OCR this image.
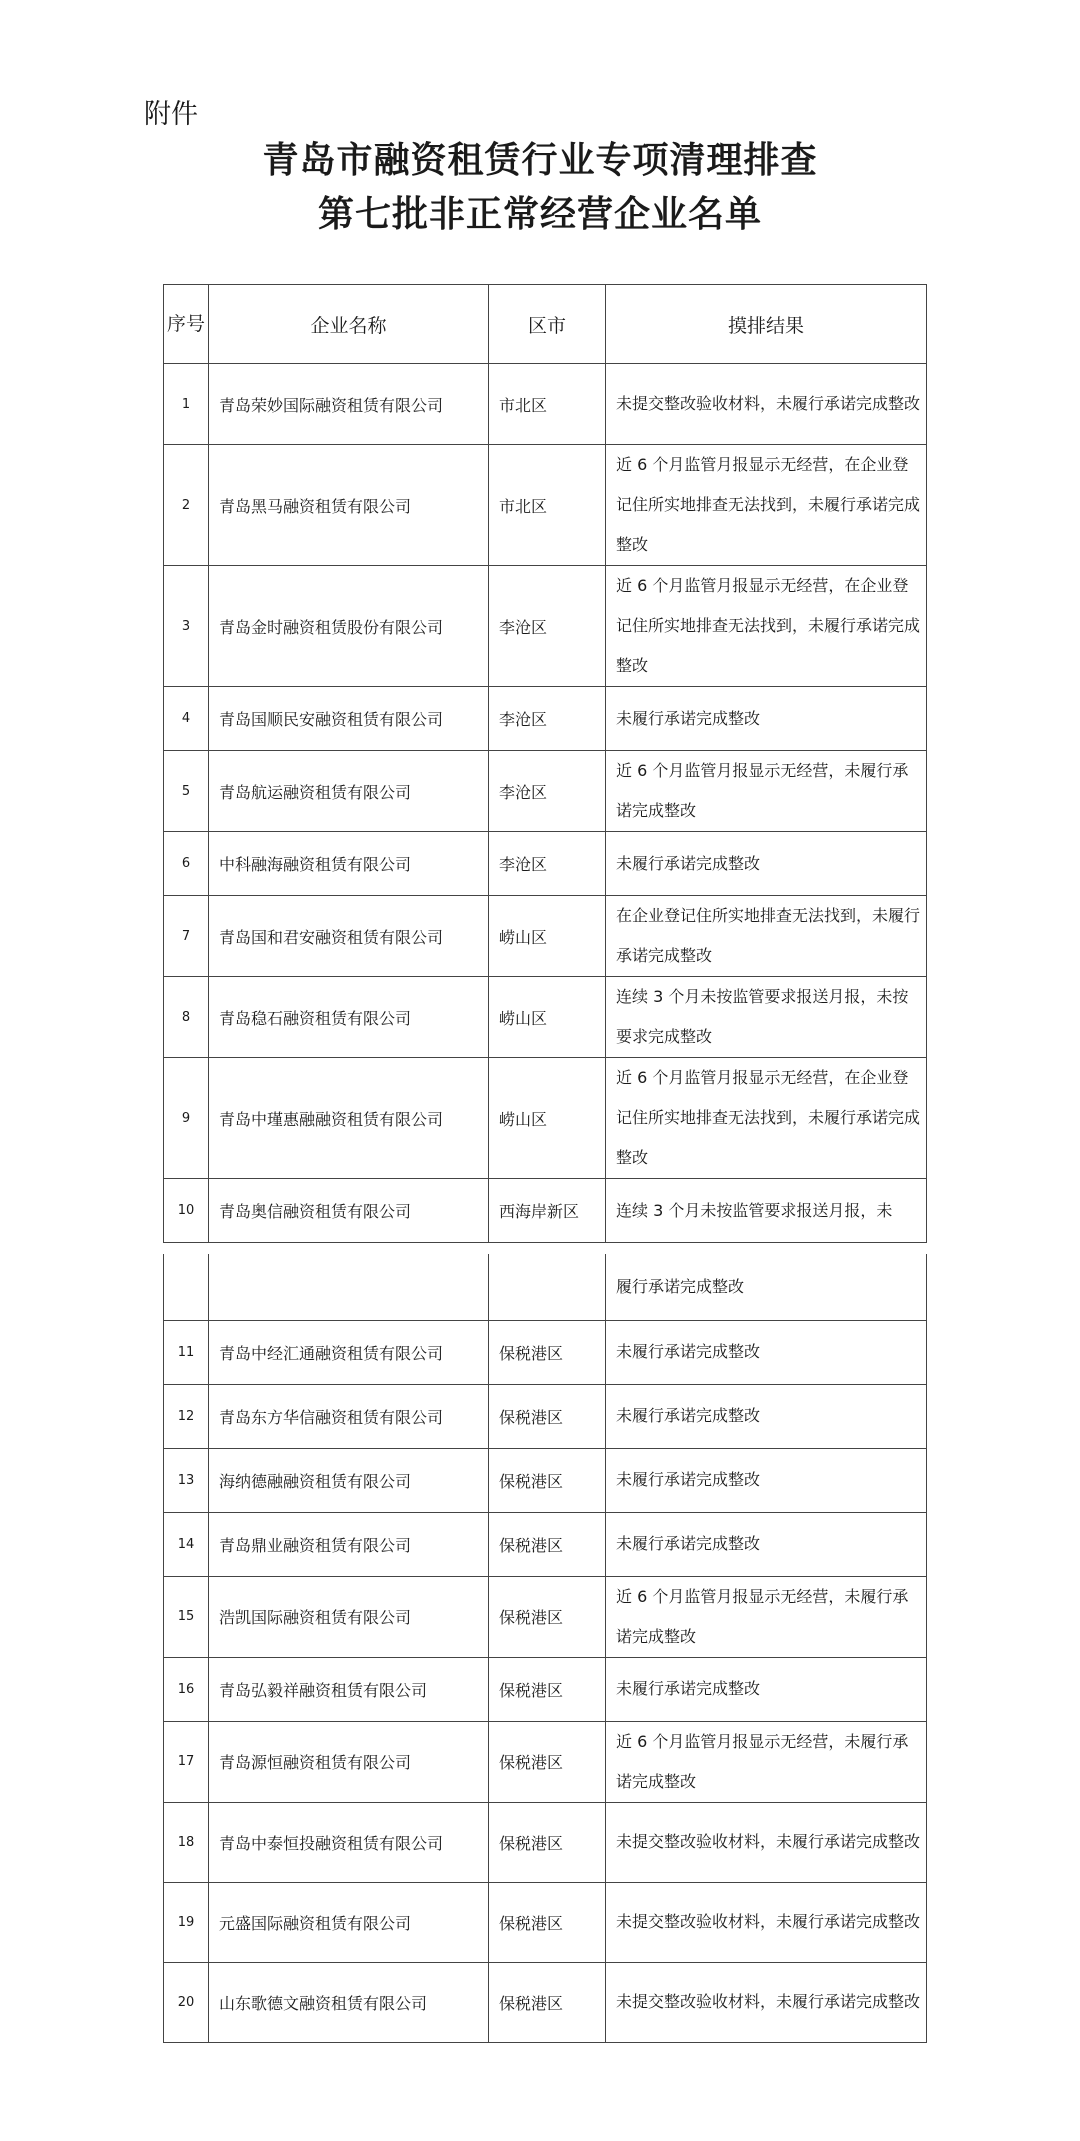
附件
青岛市融资租赁行业专项清理排查
第七批非正常经营企业名单
序号	企业名称	区市	摸排结果
1	青岛荣妙国际融资租赁有限公司	市北区	未提交整改验收材料，未履行承诺完成整改
2	青岛黑马融资租赁有限公司	市北区	近 6 个月监管月报显示无经营，在企业登记住所实地排查无法找到，未履行承诺完成整改
3	青岛金时融资租赁股份有限公司	李沧区	近 6 个月监管月报显示无经营，在企业登记住所实地排查无法找到，未履行承诺完成整改
4	青岛国顺民安融资租赁有限公司	李沧区	未履行承诺完成整改
5	青岛航运融资租赁有限公司	李沧区	近 6 个月监管月报显示无经营，未履行承诺完成整改
6	中科融海融资租赁有限公司	李沧区	未履行承诺完成整改
7	青岛国和君安融资租赁有限公司	崂山区	在企业登记住所实地排查无法找到，未履行承诺完成整改
8	青岛稳石融资租赁有限公司	崂山区	连续 3 个月未按监管要求报送月报，未按要求完成整改
9	青岛中瑾惠融融资租赁有限公司	崂山区	近 6 个月监管月报显示无经营，在企业登记住所实地排查无法找到，未履行承诺完成整改
10	青岛奥信融资租赁有限公司	西海岸新区	连续 3 个月未按监管要求报送月报，未
			履行承诺完成整改
11	青岛中经汇通融资租赁有限公司	保税港区	未履行承诺完成整改
12	青岛东方华信融资租赁有限公司	保税港区	未履行承诺完成整改
13	海纳德融融资租赁有限公司	保税港区	未履行承诺完成整改
14	青岛鼎业融资租赁有限公司	保税港区	未履行承诺完成整改
15	浩凯国际融资租赁有限公司	保税港区	近 6 个月监管月报显示无经营，未履行承诺完成整改
16	青岛弘毅祥融资租赁有限公司	保税港区	未履行承诺完成整改
17	青岛源恒融资租赁有限公司	保税港区	近 6 个月监管月报显示无经营，未履行承诺完成整改
18	青岛中泰恒投融资租赁有限公司	保税港区	未提交整改验收材料，未履行承诺完成整改
19	元盛国际融资租赁有限公司	保税港区	未提交整改验收材料，未履行承诺完成整改
20	山东歌德文融资租赁有限公司	保税港区	未提交整改验收材料，未履行承诺完成整改
